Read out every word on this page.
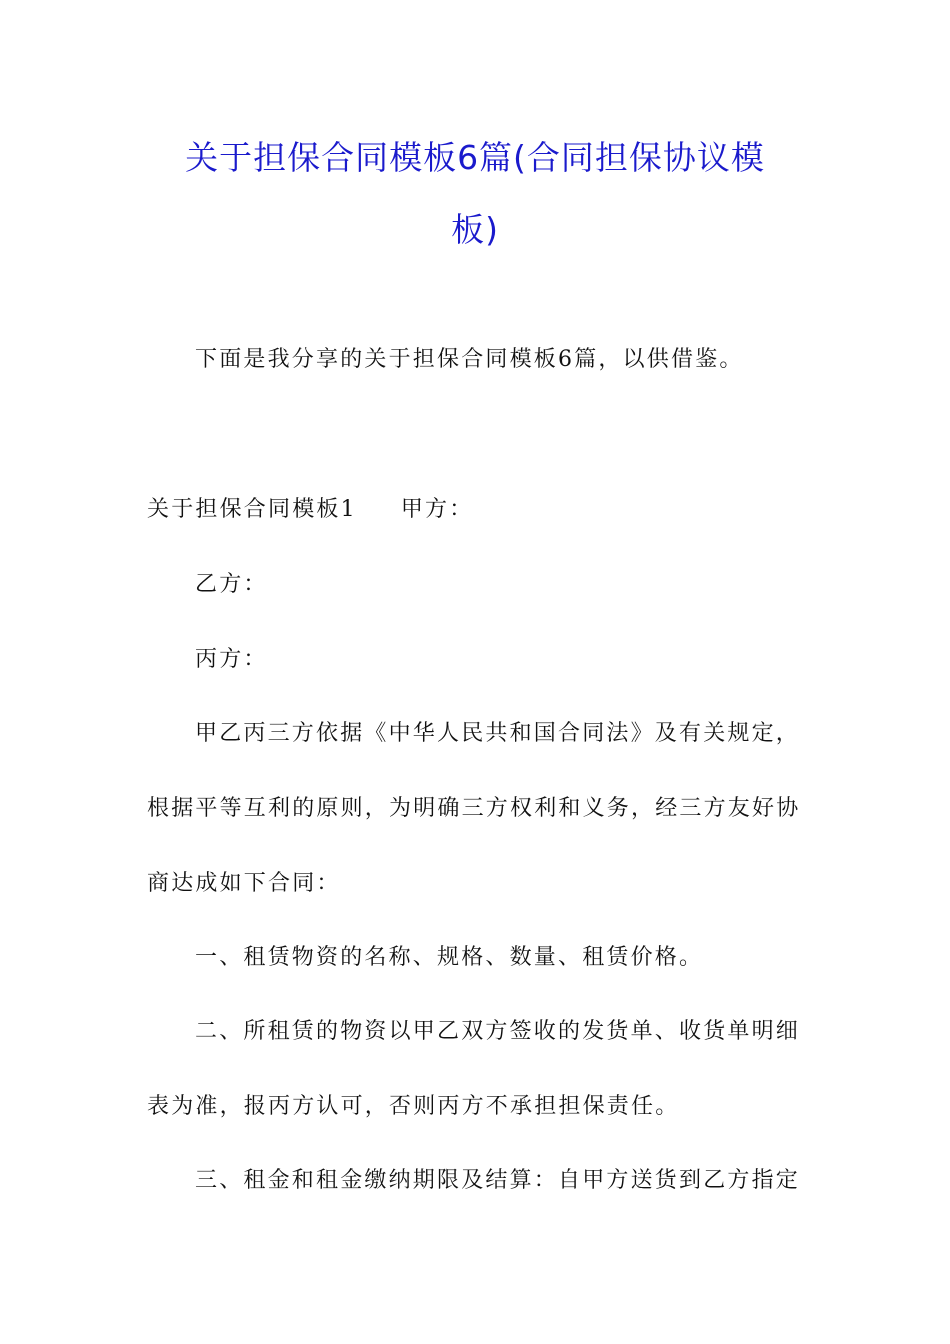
关于担保合同模板6篇(合同担保协议模
板)
下面是我分享的关于担保合同模板6篇，以供借鉴。
关于担保合同模板1 甲方：
乙方：
丙方：
甲乙丙三方依据《中华人民共和国合同法》及有关规定，
根据平等互利的原则，为明确三方权利和义务，经三方友好协
商达成如下合同：
一、租赁物资的名称、规格、数量、租赁价格。
二、所租赁的物资以甲乙双方签收的发货单、收货单明细
表为准，报丙方认可，否则丙方不承担担保责任。
三、租金和租金缴纳期限及结算：自甲方送货到乙方指定
